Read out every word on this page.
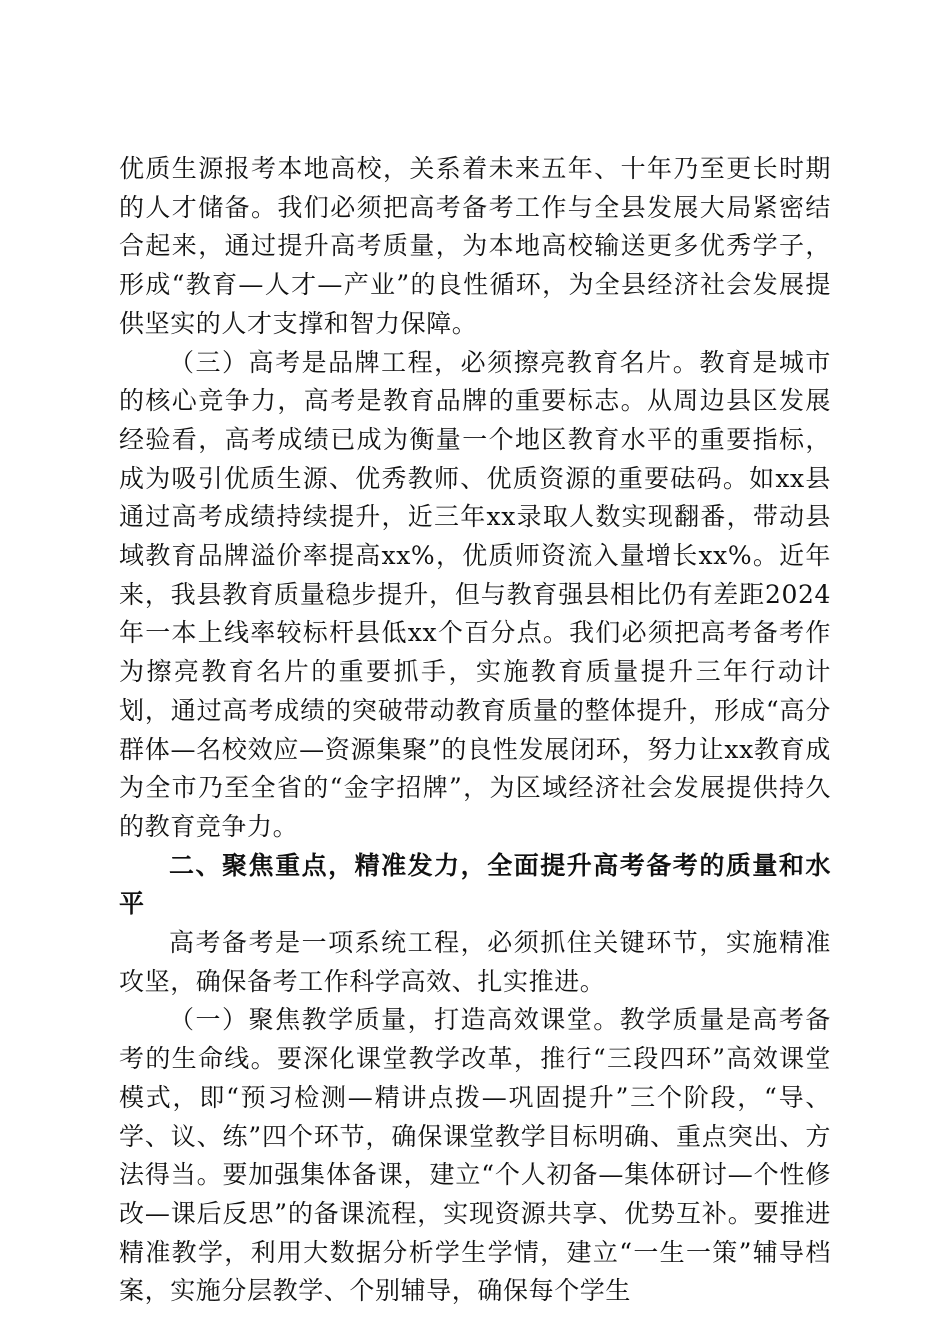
优质生源报考本地高校，关系着未来五年、十年乃至更长时期的人才储备。我们必须把高考备考工作与全县发展大局紧密结合起来，通过提升高考质量，为本地高校输送更多优秀学子，形成“教育—人才—产业”的良性循环，为全县经济社会发展提供坚实的人才支撑和智力保障。

（三）高考是品牌工程，必须擦亮教育名片。教育是城市的核心竞争力，高考是教育品牌的重要标志。从周边县区发展经验看，高考成绩已成为衡量一个地区教育水平的重要指标，成为吸引优质生源、优秀教师、优质资源的重要砝码。如xx县通过高考成绩持续提升，近三年xx录取人数实现翻番，带动县域教育品牌溢价率提高xx%，优质师资流入量增长xx%。近年来，我县教育质量稳步提升，但与教育强县相比仍有差距2024年一本上线率较标杆县低xx个百分点。我们必须把高考备考作为擦亮教育名片的重要抓手，实施教育质量提升三年行动计划，通过高考成绩的突破带动教育质量的整体提升，形成“高分群体—名校效应—资源集聚”的良性发展闭环，努力让xx教育成为全市乃至全省的“金字招牌”，为区域经济社会发展提供持久的教育竞争力。

二、聚焦重点，精准发力，全面提升高考备考的质量和水平

高考备考是一项系统工程，必须抓住关键环节，实施精准攻坚，确保备考工作科学高效、扎实推进。

（一）聚焦教学质量，打造高效课堂。教学质量是高考备考的生命线。要深化课堂教学改革，推行“三段四环”高效课堂模式，即“预习检测—精讲点拨—巩固提升”三个阶段，“导、学、议、练”四个环节，确保课堂教学目标明确、重点突出、方法得当。要加强集体备课，建立“个人初备—集体研讨—个性修改—课后反思”的备课流程，实现资源共享、优势互补。要推进精准教学，利用大数据分析学生学情，建立“一生一策”辅导档案，实施分层教学、个别辅导，确保每个学生
